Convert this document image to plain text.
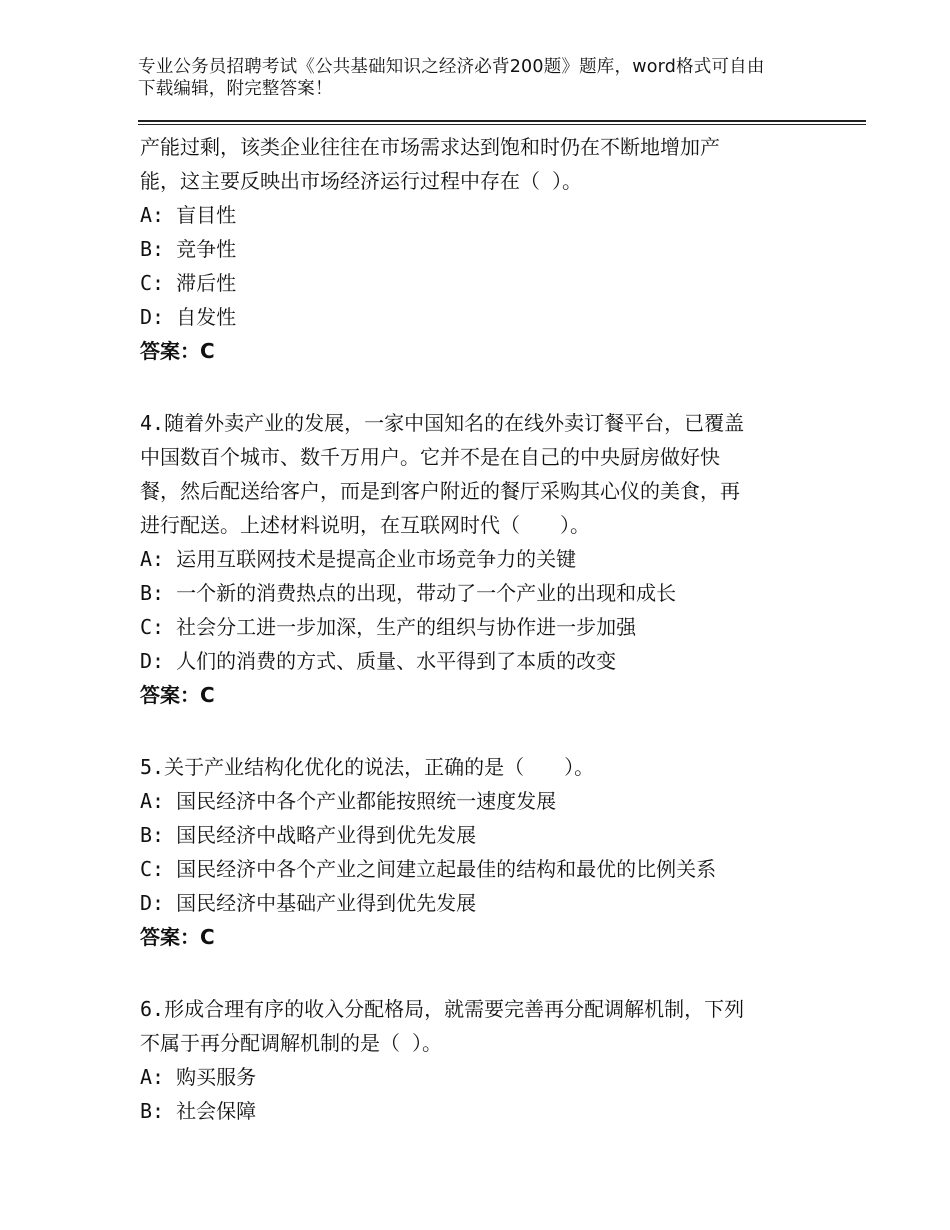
专业公务员招聘考试《公共基础知识之经济必背200题》题库，word格式可自由
下载编辑，附完整答案！
产能过剩，该类企业往往在市场需求达到饱和时仍在不断地增加产
能，这主要反映出市场经济运行过程中存在（ ）。
A: 盲目性
B: 竞争性
C: 滞后性
D: 自发性
答案：C
4.随着外卖产业的发展，一家中国知名的在线外卖订餐平台，已覆盖
中国数百个城市、数千万用户。它并不是在自己的中央厨房做好快
餐，然后配送给客户，而是到客户附近的餐厅采购其心仪的美食，再
进行配送。上述材料说明，在互联网时代（　　）。
A: 运用互联网技术是提高企业市场竞争力的关键
B: 一个新的消费热点的出现，带动了一个产业的出现和成长
C: 社会分工进一步加深，生产的组织与协作进一步加强
D: 人们的消费的方式、质量、水平得到了本质的改变
答案：C
5.关于产业结构化优化的说法，正确的是（　　）。
A: 国民经济中各个产业都能按照统一速度发展
B: 国民经济中战略产业得到优先发展
C: 国民经济中各个产业之间建立起最佳的结构和最优的比例关系
D: 国民经济中基础产业得到优先发展
答案：C
6.形成合理有序的收入分配格局，就需要完善再分配调解机制，下列
不属于再分配调解机制的是（ ）。
A: 购买服务
B: 社会保障
